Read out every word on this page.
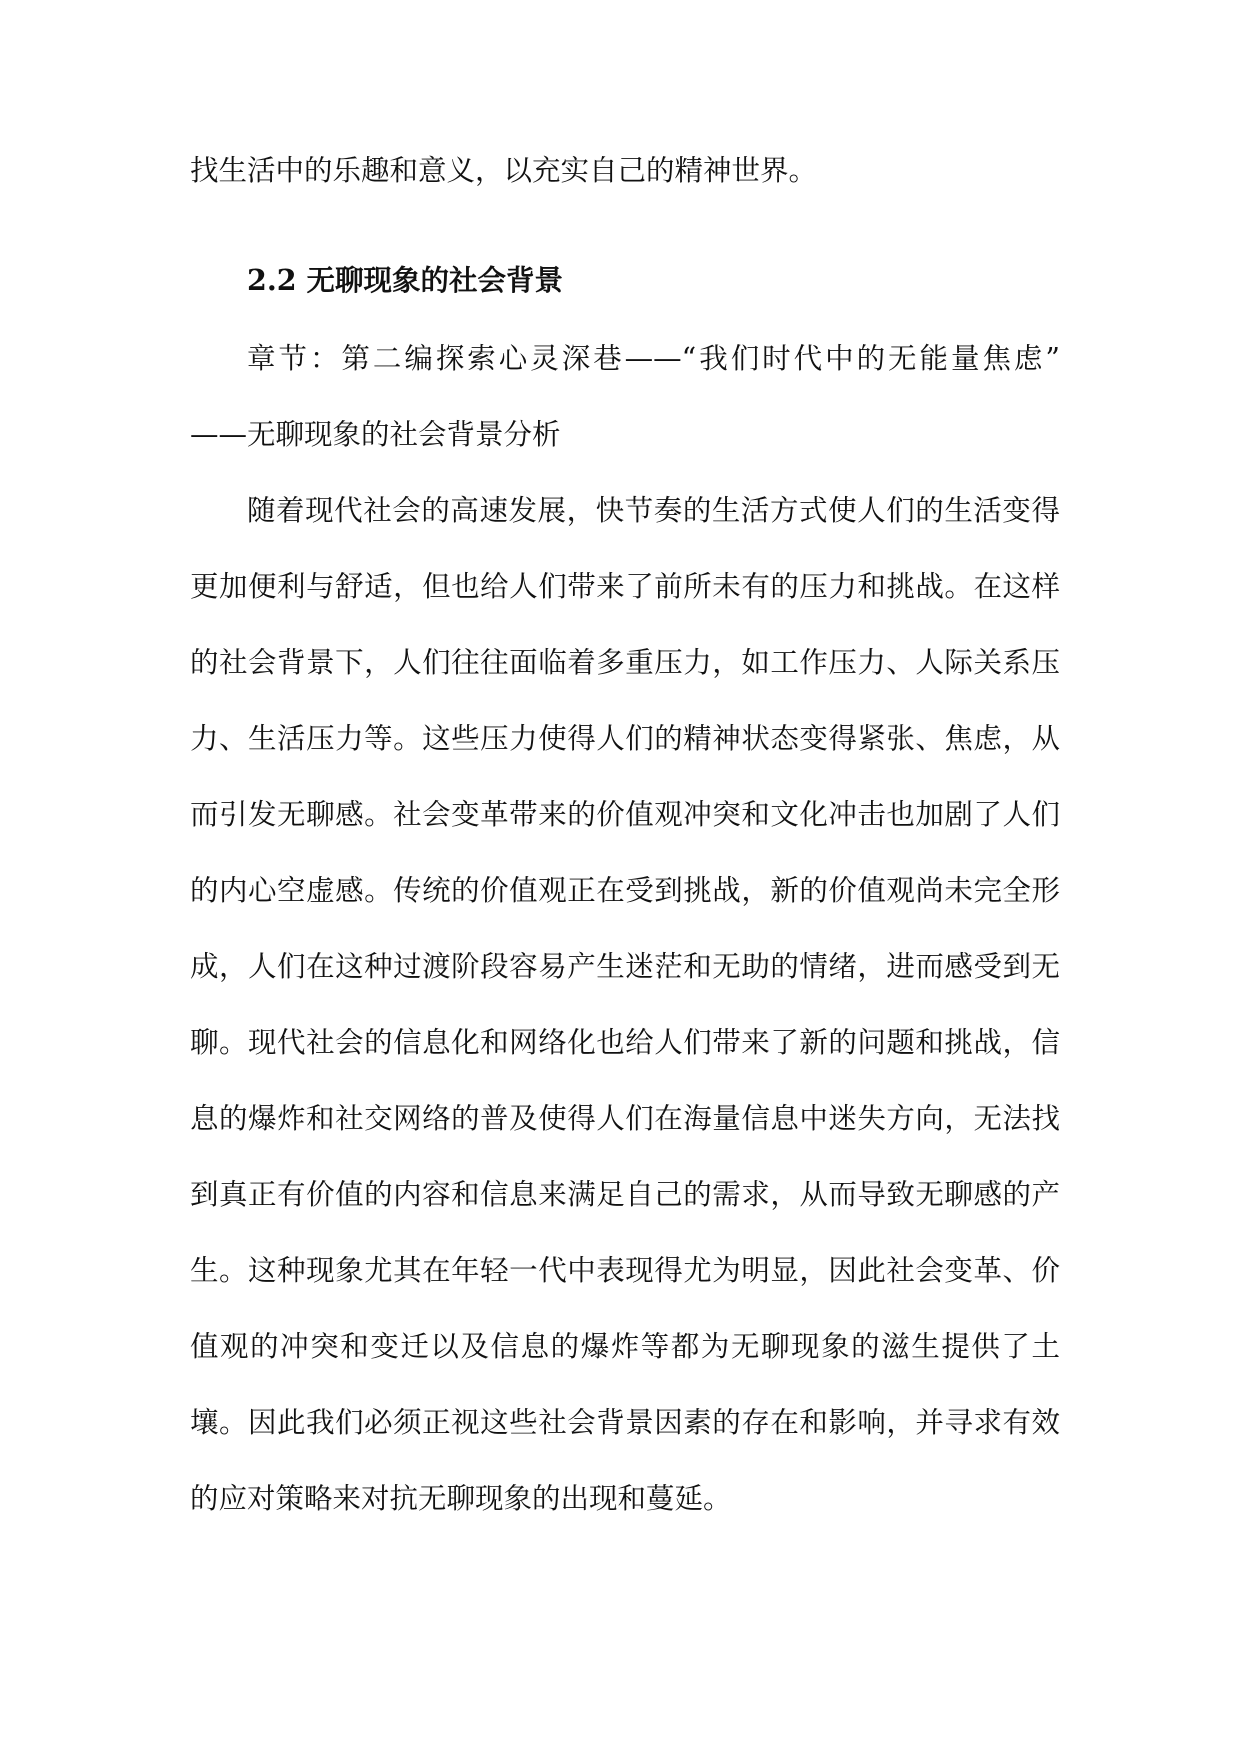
找生活中的乐趣和意义，以充实自己的精神世界。
2.2 无聊现象的社会背景
章节：第二编探索心灵深巷——“我们时代中的无能量焦虑”
——无聊现象的社会背景分析
随着现代社会的高速发展，快节奏的生活方式使人们的生活变得
更加便利与舒适，但也给人们带来了前所未有的压力和挑战。在这样
的社会背景下，人们往往面临着多重压力，如工作压力、人际关系压
力、生活压力等。这些压力使得人们的精神状态变得紧张、焦虑，从
而引发无聊感。社会变革带来的价值观冲突和文化冲击也加剧了人们
的内心空虚感。传统的价值观正在受到挑战，新的价值观尚未完全形
成，人们在这种过渡阶段容易产生迷茫和无助的情绪，进而感受到无
聊。现代社会的信息化和网络化也给人们带来了新的问题和挑战，信
息的爆炸和社交网络的普及使得人们在海量信息中迷失方向，无法找
到真正有价值的内容和信息来满足自己的需求，从而导致无聊感的产
生。这种现象尤其在年轻一代中表现得尤为明显，因此社会变革、价
值观的冲突和变迁以及信息的爆炸等都为无聊现象的滋生提供了土
壤。因此我们必须正视这些社会背景因素的存在和影响，并寻求有效
的应对策略来对抗无聊现象的出现和蔓延。
